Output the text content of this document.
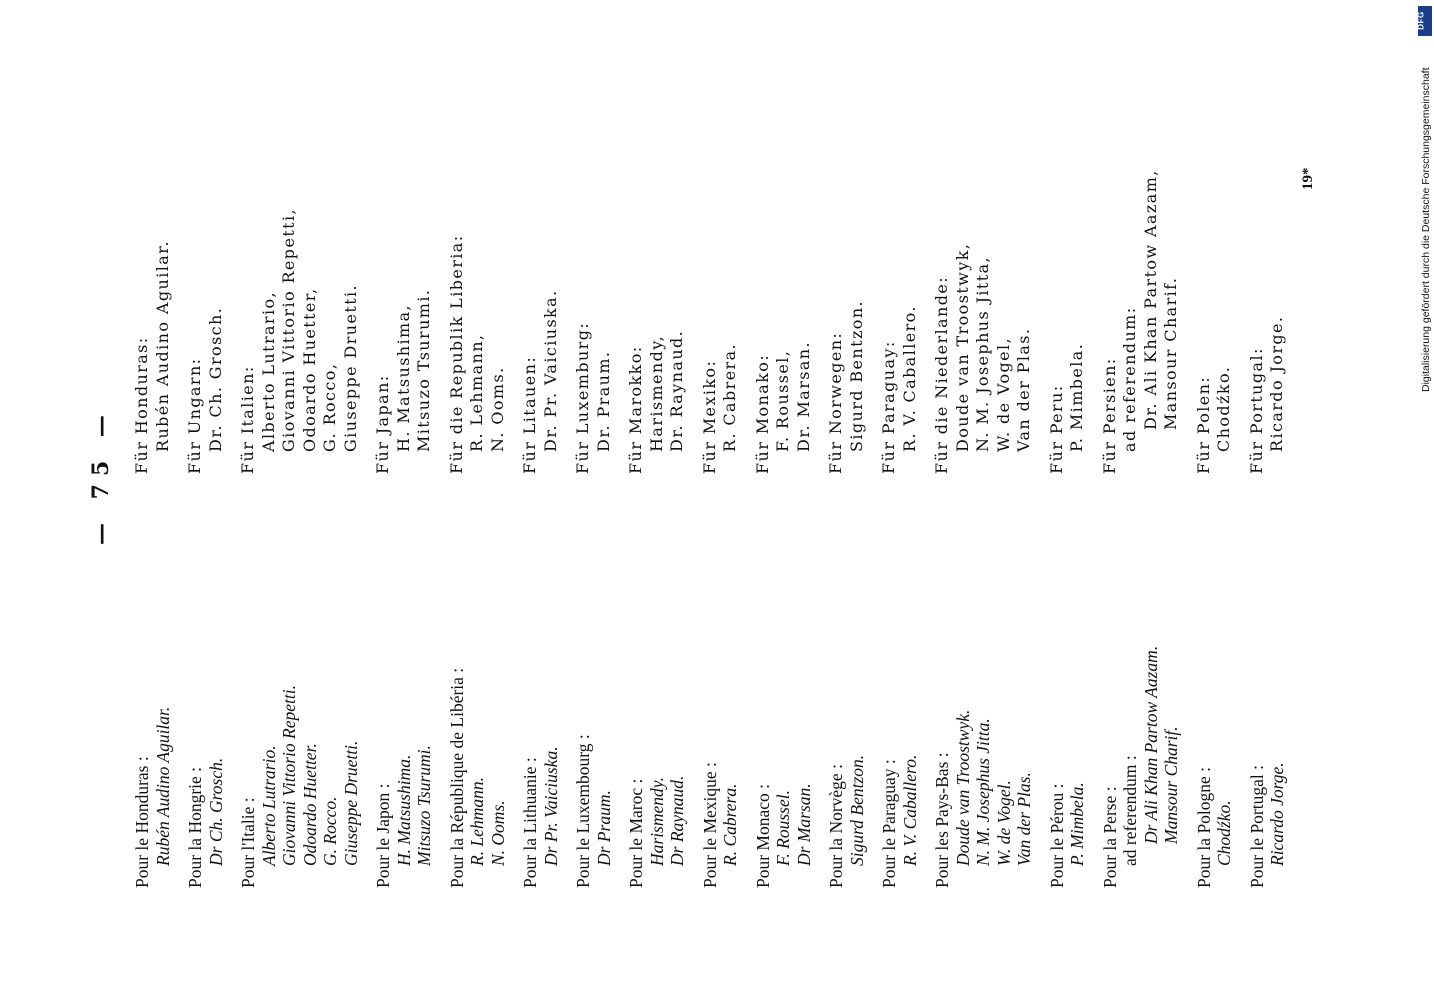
Pour le Honduras : Rubén Audino Aguilar. Pour la Hongrie : Dr Ch. Grosch. Pour l'Italie : Alberto Lutrario. Giovanni Vittorio Repetti. Odoardo Huetter. G. Rocco. Giuseppe Druetti. Pour le Japon : H. Matsushima. Mitsuzo Tsurumi. Pour la République de Libéria : R. Lehmann. N. Ooms. Pour la Lithuanie : Dr Pr. Vaiciuska. Pour le Luxembourg : Dr Praum. Pour le Maroc : Harismendy. Dr Raynaud. Pour le Mexique : R. Cabrera. Pour Monaco : F. Roussel. Dr Marsan. Pour la Norvège : Sigurd Bentzon. Pour le Paraguay : R. V. Caballero. Pour les Pays-Bas : Doude van Troostwyk. N. M. Josephus Jitta. W. de Vogel. Van der Plas. Pour le Pérou : P. Mimbela. Pour la Perse : ad referendum : Dr Ali Khan Partow Aazam. Mansour Charif. Pour la Pologne : Chodźko. Pour le Portugal : Ricardo Jorge.
— 75 —
Für Honduras: Rubén Audino Aguilar. Für Ungarn: Dr. Ch. Grosch. Für Italien: Alberto Lutrario, Giovanni Vittorio Repetti, Odoardo Huetter, G. Rocco, Giuseppe Druetti. Für Japan: H. Matsushima, Mitsuzo Tsurumi. Für die Republik Liberia: R. Lehmann, N. Ooms. Für Litauen: Dr. Pr. Vaiciuska. Für Luxemburg: Dr. Praum. Für Marokko: Harismendy, Dr. Raynaud. Für Mexiko: R. Cabrera. Für Monako: F. Roussel, Dr. Marsan. Für Norwegen: Sigurd Bentzon. Für Paraguay: R. V. Caballero. Für die Niederlande: Doude van Troostwyk, N. M. Josephus Jitta, W. de Vogel, Van der Plas. Für Peru: P. Mimbela. Für Persien: ad referendum: Dr. Ali Khan Partow Aazam, Mansour Charif. Für Polen: Chodźko. Für Portugal: Ricardo Jorge.
19*
DFG
Digitalisierung gefördert durch die Deutsche Forschungsgemeinschaft
